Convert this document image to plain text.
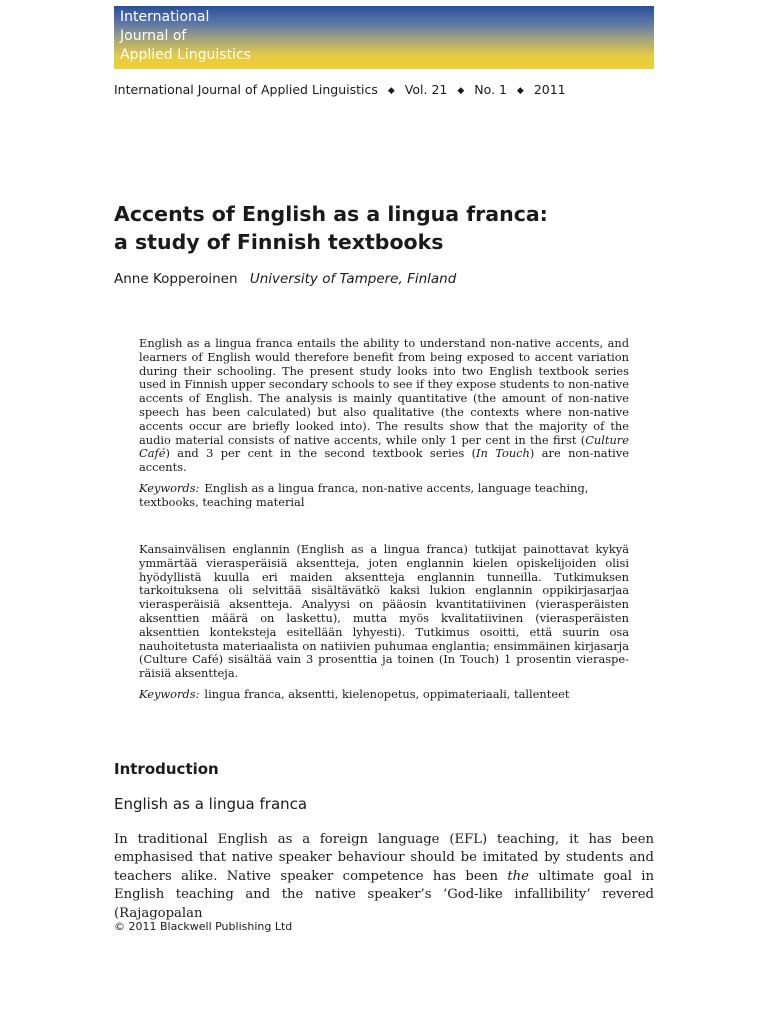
International
Journal of
Applied Linguistics
International Journal of Applied Linguistics ◆ Vol. 21 ◆ No. 1 ◆ 2011
Accents of English as a lingua franca:
a study of Finnish textbooks
Anne Kopperoinen University of Tampere, Finland

English as a lingua franca entails the ability to understand non-native accents, and learners of English would therefore benefit from being exposed to accent variation during their schooling. The present study looks into two English textbook series used in Finnish upper secondary schools to see if they expose students to non-native accents of English. The analysis is mainly quantitative (the amount of non-native speech has been calculated) but also qualitative (the contexts where non-native accents occur are briefly looked into). The results show that the majority of the audio material consists of native accents, while only 1 per cent in the first (Culture Café) and 3 per cent in the second textbook series (In Touch) are non-native accents.

Keywords: English as a lingua franca, non-native accents, language teaching, textbooks, teaching material

Kansainvälisen englannin (English as a lingua franca) tutkijat painottavat kykyä ymmärtää vierasperäisiä aksentteja, joten englannin kielen opiskelijoiden olisi hyödyllistä kuulla eri maiden aksentteja englannin tunneilla. Tutkimuksen tarkoituksena oli selvittää sisältävätkö kaksi lukion englannin oppikirjasarjaa vierasperäisiä aksentteja. Analyysi on pääosin kvantitatiivinen (vierasperäisten aksenttien määrä on laskettu), mutta myös kvalitatiivinen (vierasperäisten aksenttien konteksteja esitellään lyhyesti). Tutkimus osoitti, että suurin osa nauhoitetusta materiaalista on natiivien puhumaa englantia; ensimmäinen kirjasarja (Culture Café) sisältää vain 3 prosenttia ja toinen (In Touch) 1 prosentin vierasperäisiä aksentteja.

Keywords: lingua franca, aksentti, kielenopetus, oppimateriaali, tallenteet

Introduction
English as a lingua franca

In traditional English as a foreign language (EFL) teaching, it has been emphasised that native speaker behaviour should be imitated by students and teachers alike. Native speaker competence has been the ultimate goal in English teaching and the native speaker’s ‘God-like infallibility’ revered (Rajagopalan

© 2011 Blackwell Publishing Ltd
